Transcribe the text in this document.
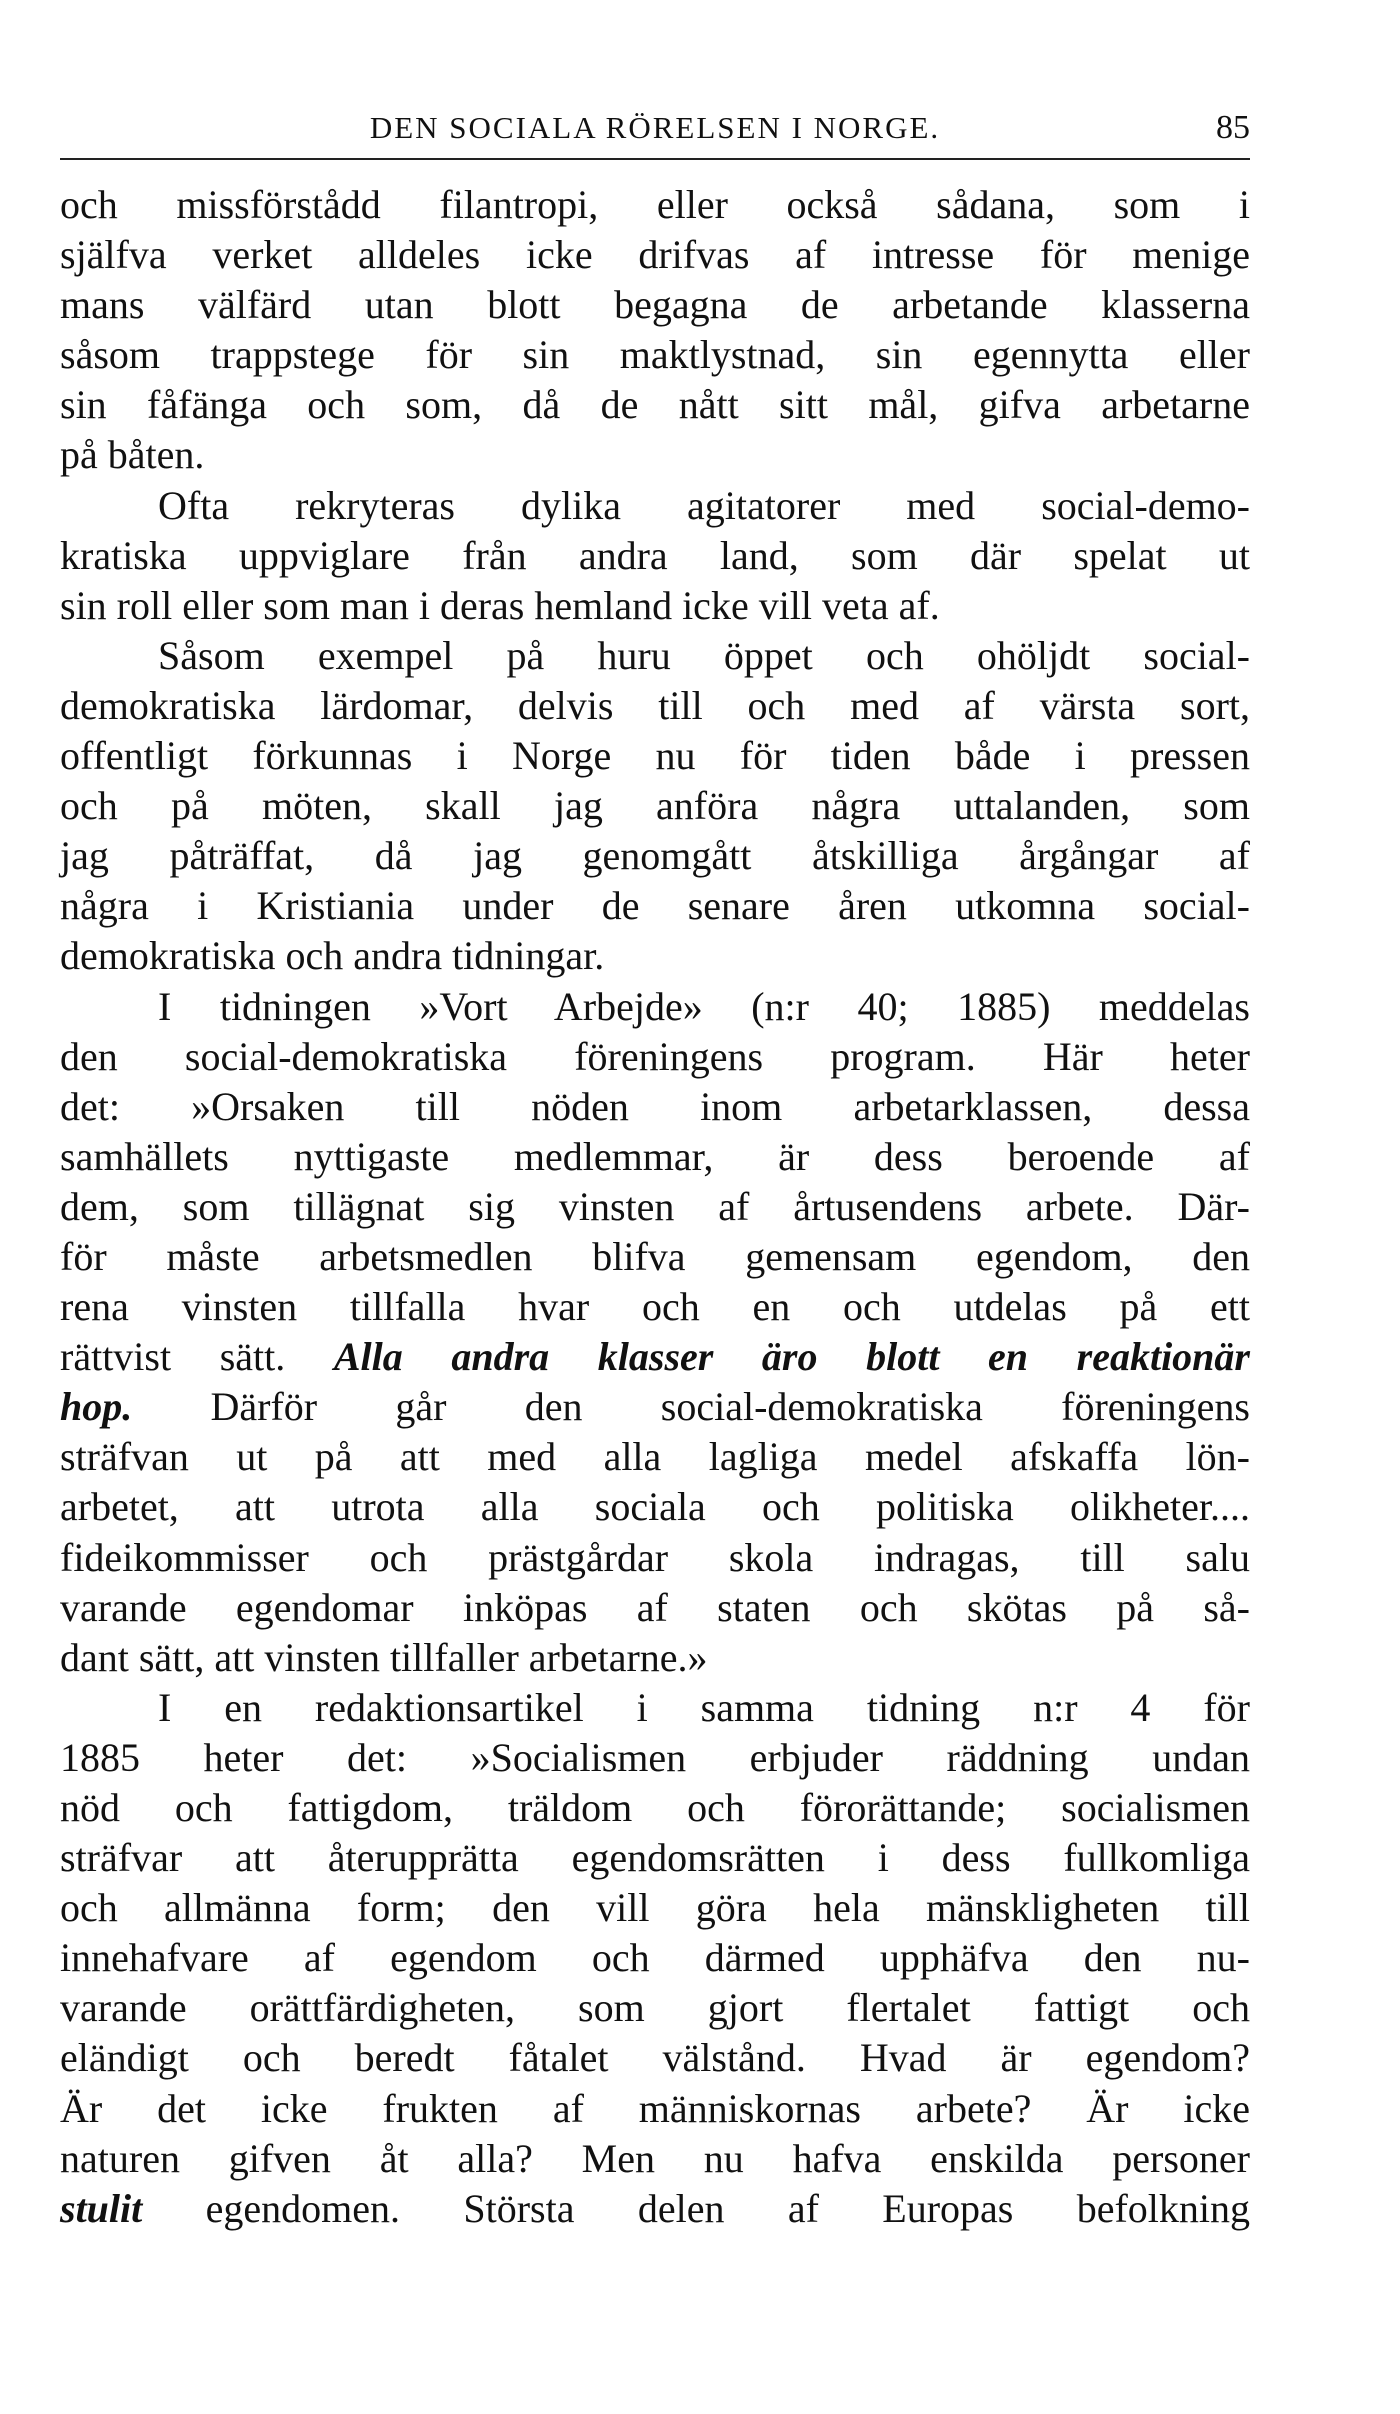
DEN SOCIALA RÖRELSEN I NORGE.	85
och missförstådd filantropi, eller också sådana, som i
själfva verket alldeles icke drifvas af intresse för menige
mans välfärd utan blott begagna de arbetande klasserna
såsom trappstege för sin maktlystnad, sin egennytta eller
sin fåfänga och som, då de nått sitt mål, gifva arbetarne
på båten.
Ofta rekryteras dylika agitatorer med social-demo-
kratiska uppviglare från andra land, som där spelat ut
sin roll eller som man i deras hemland icke vill veta af.
Såsom exempel på huru öppet och ohöljdt social-
demokratiska lärdomar, delvis till och med af värsta sort,
offentligt förkunnas i Norge nu för tiden både i pressen
och på möten, skall jag anföra några uttalanden, som
jag påträffat, då jag genomgått åtskilliga årgångar af
några i Kristiania under de senare åren utkomna social-
demokratiska och andra tidningar.
I tidningen »Vort Arbejde» (n:r 40; 1885) meddelas
den social-demokratiska föreningens program. Här heter
det: »Orsaken till nöden inom arbetarklassen, dessa
samhällets nyttigaste medlemmar, är dess beroende af
dem, som tillägnat sig vinsten af årtusendens arbete. Där-
för måste arbetsmedlen blifva gemensam egendom, den
rena vinsten tillfalla hvar och en och utdelas på ett
rättvist sätt. Alla andra klasser äro blott en reaktionär
hop. Därför går den social-demokratiska föreningens
sträfvan ut på att med alla lagliga medel afskaffa lön-
arbetet, att utrota alla sociala och politiska olikheter....
fideikommisser och prästgårdar skola indragas, till salu
varande egendomar inköpas af staten och skötas på så-
dant sätt, att vinsten tillfaller arbetarne.»
I en redaktionsartikel i samma tidning n:r 4 för
1885 heter det: »Socialismen erbjuder räddning undan
nöd och fattigdom, träldom och förorättande; socialismen
sträfvar att återupprätta egendomsrätten i dess fullkomliga
och allmänna form; den vill göra hela mänskligheten till
innehafvare af egendom och därmed upphäfva den nu-
varande orättfärdigheten, som gjort flertalet fattigt och
eländigt och beredt fåtalet välstånd. Hvad är egendom?
Är det icke frukten af människornas arbete? Är icke
naturen gifven åt alla? Men nu hafva enskilda personer
stulit egendomen. Största delen af Europas befolkning
